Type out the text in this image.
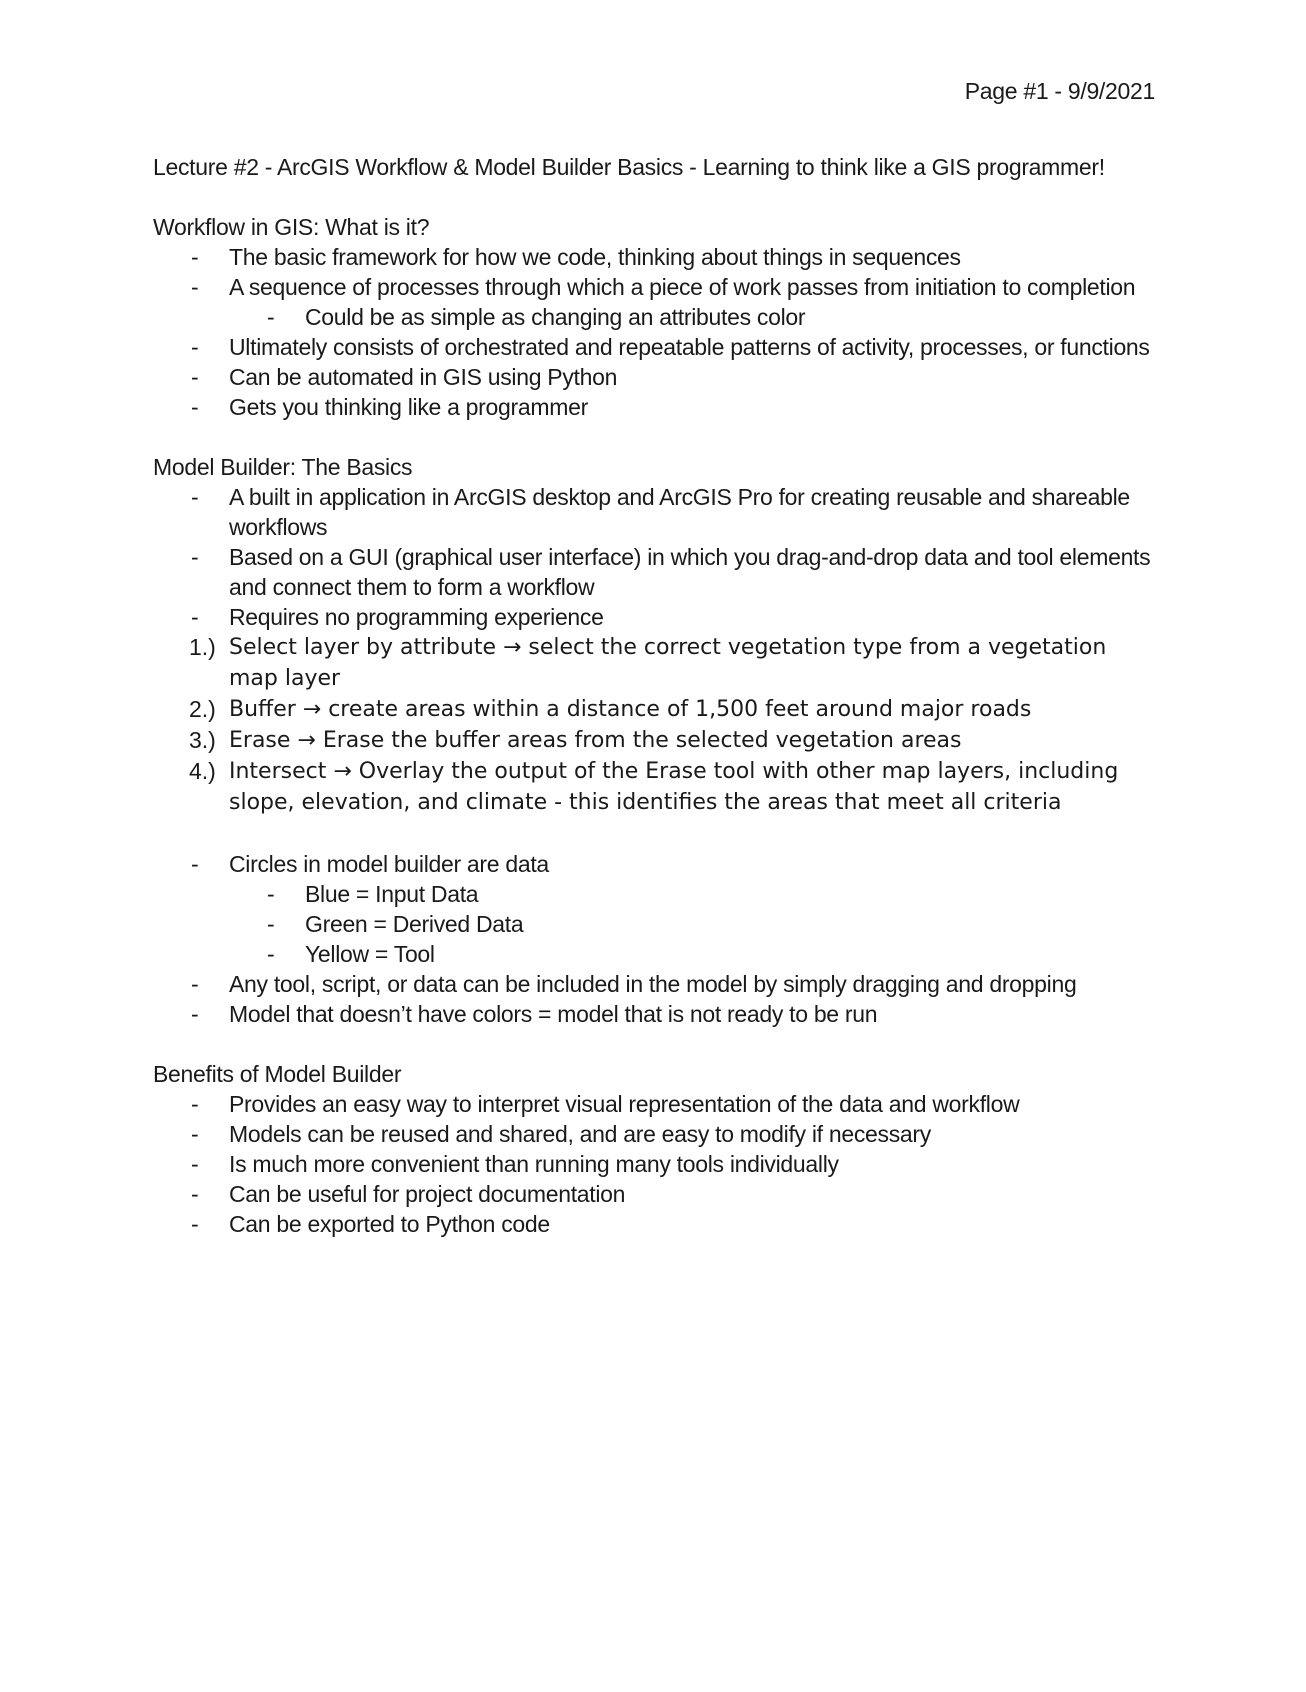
Page #1 - 9/9/2021

Lecture #2 - ArcGIS Workflow & Model Builder Basics - Learning to think like a GIS programmer!

Workflow in GIS: What is it?

- The basic framework for how we code, thinking about things in sequences
- A sequence of processes through which a piece of work passes from initiation to completion
- Could be as simple as changing an attributes color
- Ultimately consists of orchestrated and repeatable patterns of activity, processes, or functions
- Can be automated in GIS using Python
- Gets you thinking like a programmer

Model Builder: The Basics

- A built in application in ArcGIS desktop and ArcGIS Pro for creating reusable and shareable workflows
- Based on a GUI (graphical user interface) in which you drag-and-drop data and tool elements and connect them to form a workflow
- Requires no programming experience
1.) Select layer by attribute → select the correct vegetation type from a vegetation map layer
2.) Buffer → create areas within a distance of 1,500 feet around major roads
3.) Erase → Erase the buffer areas from the selected vegetation areas
4.) Intersect → Overlay the output of the Erase tool with other map layers, including slope, elevation, and climate - this identifies the areas that meet all criteria
- Circles in model builder are data
- Blue = Input Data
- Green = Derived Data
- Yellow = Tool
- Any tool, script, or data can be included in the model by simply dragging and dropping
- Model that doesn’t have colors = model that is not ready to be run

Benefits of Model Builder

- Provides an easy way to interpret visual representation of the data and workflow
- Models can be reused and shared, and are easy to modify if necessary
- Is much more convenient than running many tools individually
- Can be useful for project documentation
- Can be exported to Python code
